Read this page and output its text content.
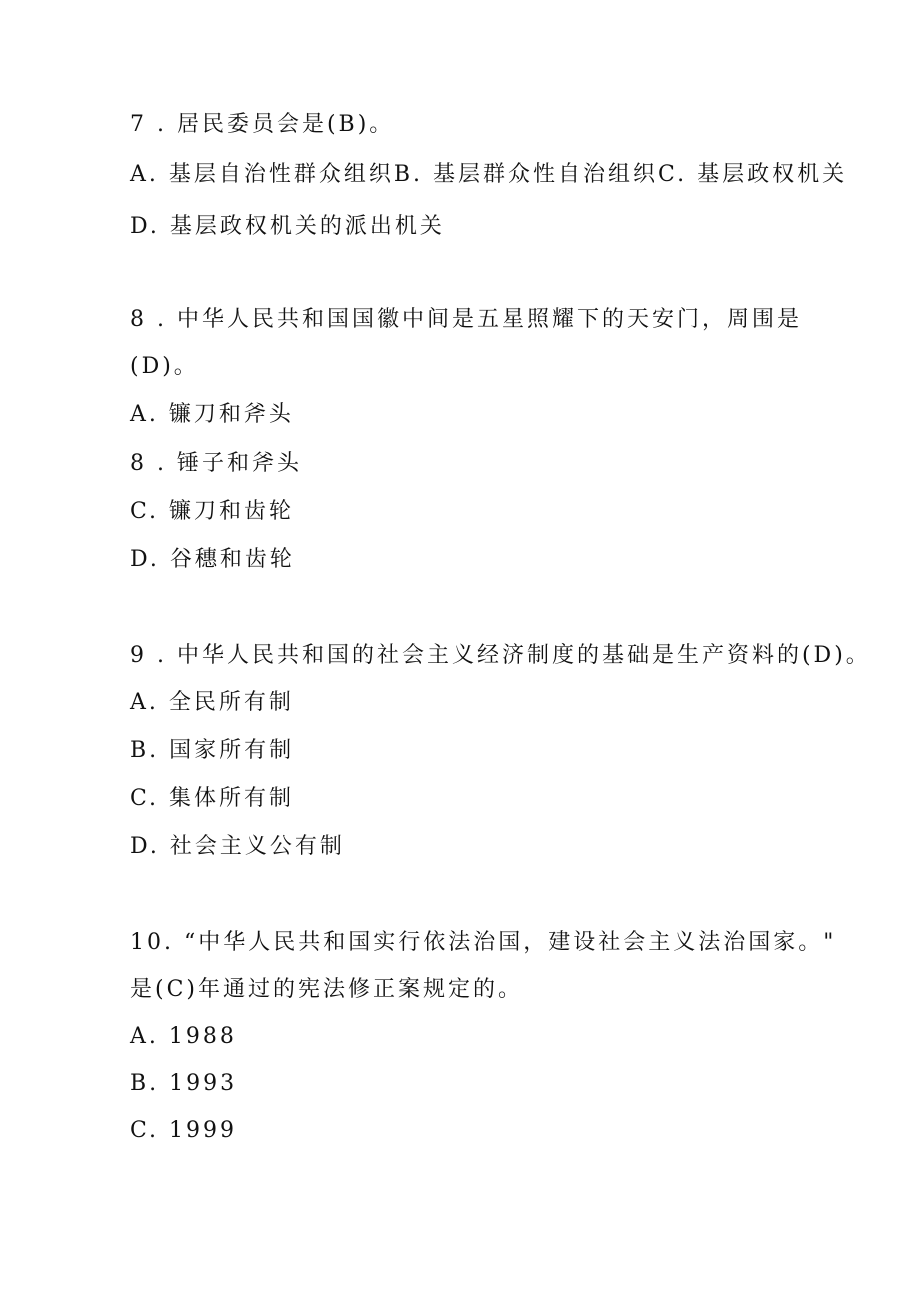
7 . 居民委员会是(B)。
A. 基层自治性群众组织B. 基层群众性自治组织C. 基层政权机关
D. 基层政权机关的派出机关
8 . 中华人民共和国国徽中间是五星照耀下的天安门，周围是
(D)。
A. 镰刀和斧头
8 . 锤子和斧头
C. 镰刀和齿轮
D. 谷穗和齿轮
9 . 中华人民共和国的社会主义经济制度的基础是生产资料的(D)。
A. 全民所有制
B. 国家所有制
C. 集体所有制
D. 社会主义公有制
10. “中华人民共和国实行依法治国，建设社会主义法治国家。"
是(C)年通过的宪法修正案规定的。
A. 1988
B. 1993
C. 1999
